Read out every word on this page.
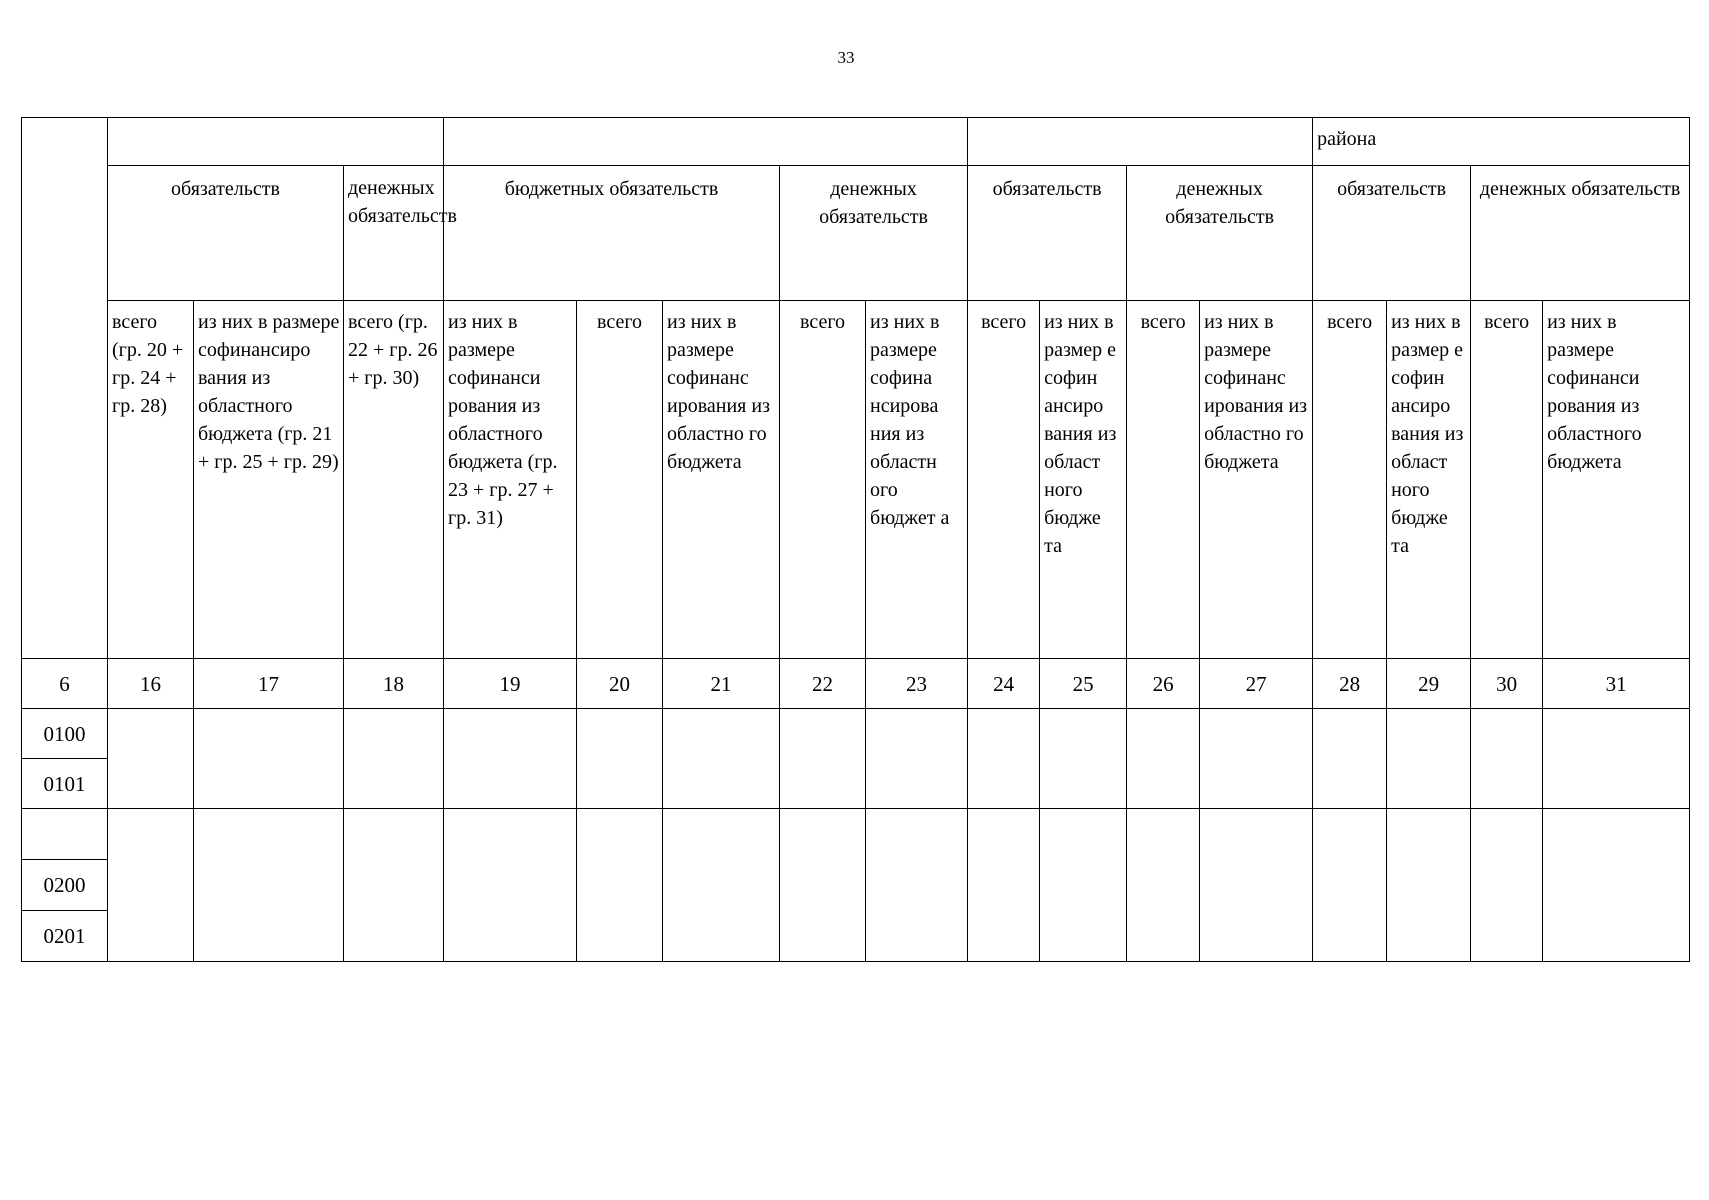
33
													района			
	обязательств		денежных обязательств	бюджетных обязательств			денежных обязательств		обязательств		денежных обязательств		обязательств		денежных обязательств	
	всего (гр. 20 + гр. 24 + гр. 28)	из них в размере софинансиро вания из областного бюджета (гр. 21 + гр. 25 + гр. 29)	всего (гр. 22 + гр. 26 + гр. 30)	из них в размере софинанси рования из областного бюджета (гр. 23 + гр. 27 + гр. 31)	всего	из них в размере софинанс ирования из областно го бюджета	всего	из них в размере софина нсирова ния из областн ого бюджет а	всего	из них в размер е софин ансиро вания из област ного бюдже та	всего	из них в размере софинанс ирования из областно го бюджета	всего	из них в размер е софин ансиро вания из област ного бюдже та	всего	из них в размере софинанси рования из областного бюджета
6	16	17	18	19	20	21	22	23	24	25	26	27	28	29	30	31
0100																
0101																

0200																
0201																
